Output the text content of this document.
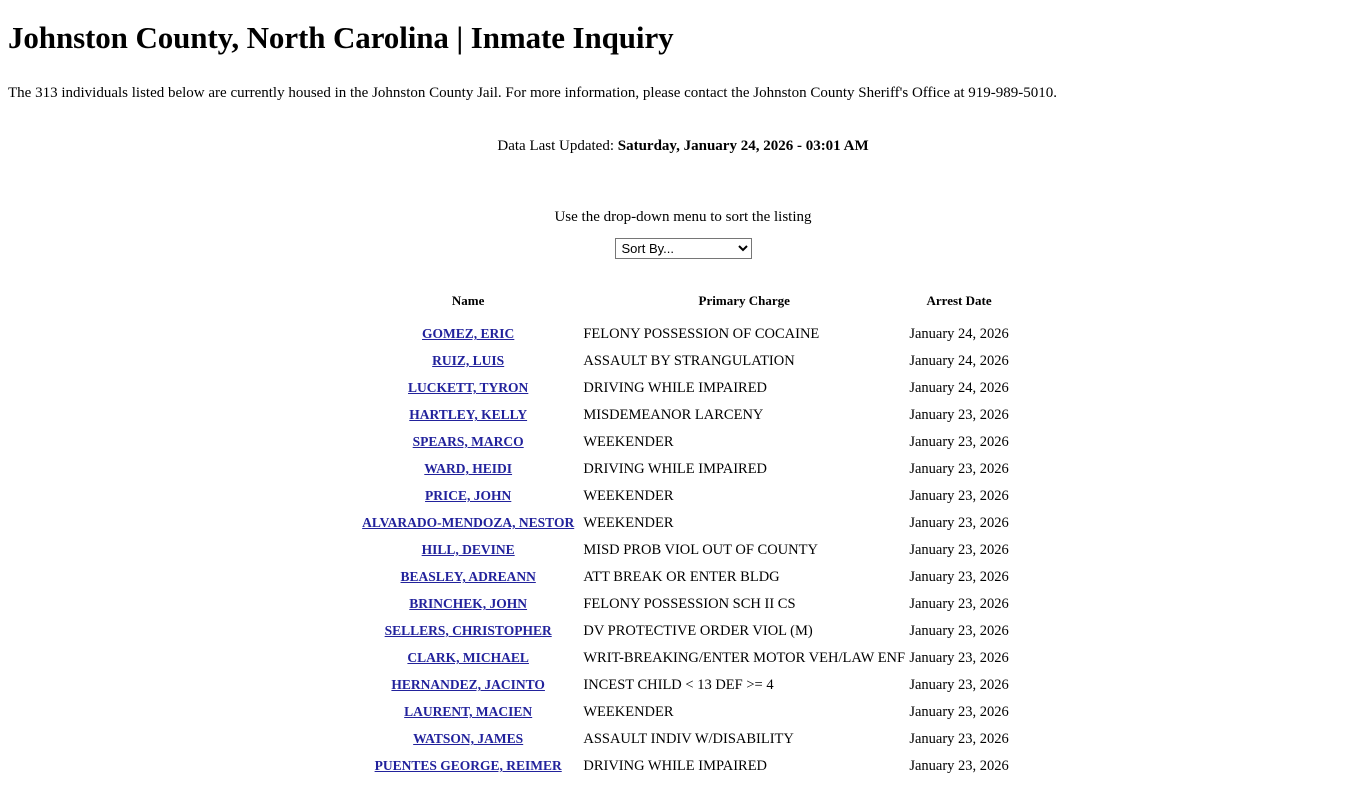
Johnston County, North Carolina | Inmate Inquiry

The 313 individuals listed below are currently housed in the Johnston County Jail. For more information, please contact the Johnston County Sheriff's Office at 919-989-5010.

Data Last Updated: Saturday, January 24, 2026 - 03:01 AM

Use the drop-down menu to sort the listing

Sort By...
Name	Primary Charge	Arrest Date
GOMEZ, ERIC	FELONY POSSESSION OF COCAINE	January 24, 2026
RUIZ, LUIS	ASSAULT BY STRANGULATION	January 24, 2026
LUCKETT, TYRON	DRIVING WHILE IMPAIRED	January 24, 2026
HARTLEY, KELLY	MISDEMEANOR LARCENY	January 23, 2026
SPEARS, MARCO	WEEKENDER	January 23, 2026
WARD, HEIDI	DRIVING WHILE IMPAIRED	January 23, 2026
PRICE, JOHN	WEEKENDER	January 23, 2026
ALVARADO-MENDOZA, NESTOR	WEEKENDER	January 23, 2026
HILL, DEVINE	MISD PROB VIOL OUT OF COUNTY	January 23, 2026
BEASLEY, ADREANN	ATT BREAK OR ENTER BLDG	January 23, 2026
BRINCHEK, JOHN	FELONY POSSESSION SCH II CS	January 23, 2026
SELLERS, CHRISTOPHER	DV PROTECTIVE ORDER VIOL (M)	January 23, 2026
CLARK, MICHAEL	WRIT-BREAKING/ENTER MOTOR VEH/LAW ENF	January 23, 2026
HERNANDEZ, JACINTO	INCEST CHILD < 13 DEF >= 4	January 23, 2026
LAURENT, MACIEN	WEEKENDER	January 23, 2026
WATSON, JAMES	ASSAULT INDIV W/DISABILITY	January 23, 2026
PUENTES GEORGE, REIMER	DRIVING WHILE IMPAIRED	January 23, 2026
